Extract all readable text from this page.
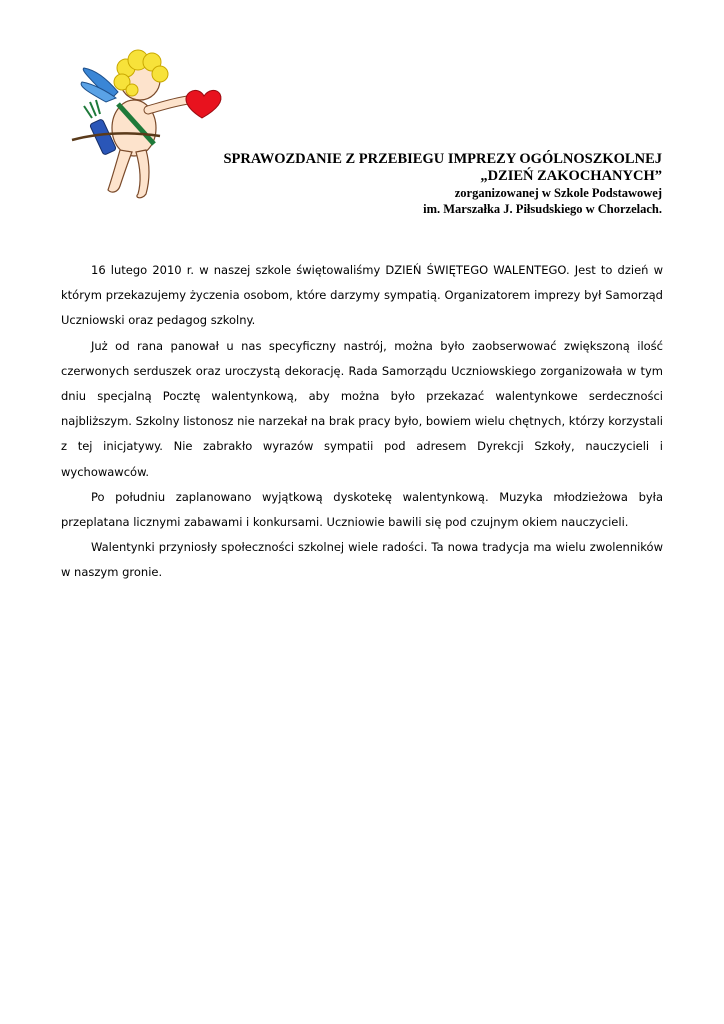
SPRAWOZDANIE Z PRZEBIEGU IMPREZY OGÓLNOSZKOLNEJ
„DZIEŃ ZAKOCHANYCH”
zorganizowanej w Szkole Podstawowej
im. Marszałka J. Piłsudskiego w Chorzelach.

16 lutego 2010 r. w naszej szkole świętowaliśmy DZIEŃ ŚWIĘTEGO WALENTEGO. Jest to dzień w którym przekazujemy życzenia osobom, które darzymy sympatią. Organizatorem imprezy był Samorząd Uczniowski oraz pedagog szkolny.

Już od rana panował u nas specyficzny nastrój, można było zaobserwować zwiększoną ilość czerwonych serduszek oraz uroczystą dekorację. Rada Samorządu Uczniowskiego zorganizowała w tym dniu specjalną Pocztę walentynkową, aby można było przekazać walentynkowe serdeczności najbliższym. Szkolny listonosz nie narzekał na brak pracy było, bowiem wielu chętnych, którzy korzystali z tej inicjatywy. Nie zabrakło wyrazów sympatii pod adresem Dyrekcji Szkoły, nauczycieli i wychowawców.

Po południu zaplanowano wyjątkową dyskotekę walentynkową. Muzyka młodzieżowa była przeplatana licznymi zabawami i konkursami. Uczniowie bawili się pod czujnym okiem nauczycieli.

Walentynki przyniosły społeczności szkolnej wiele radości. Ta nowa tradycja ma wielu zwolenników w naszym gronie.
